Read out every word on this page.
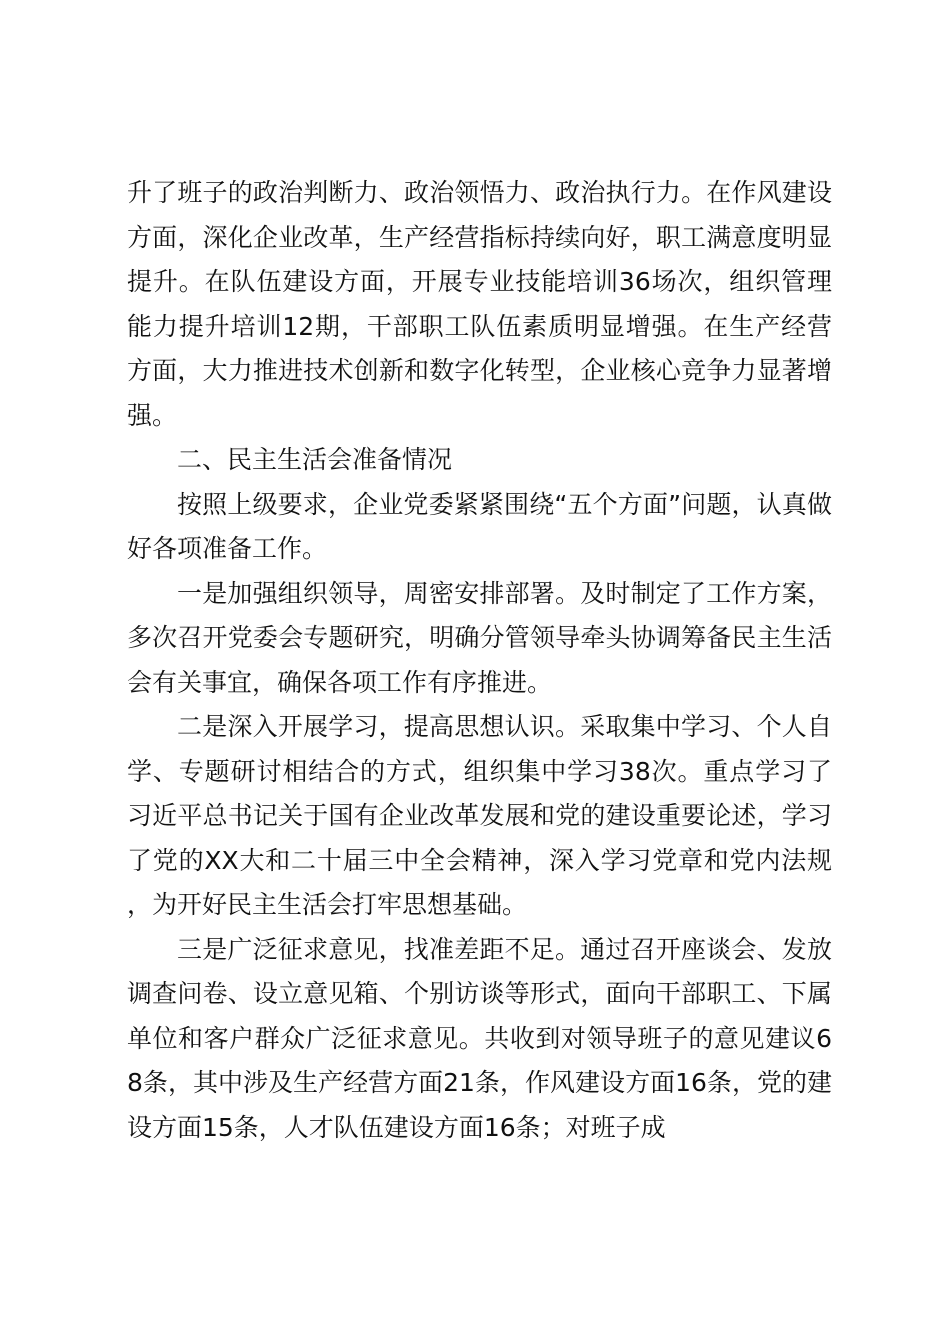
升了班子的政治判断力、政治领悟力、政治执行力。在作风建设方面，深化企业改革，生产经营指标持续向好，职工满意度明显提升。在队伍建设方面，开展专业技能培训36场次，组织管理能力提升培训12期，干部职工队伍素质明显增强。在生产经营方面，大力推进技术创新和数字化转型，企业核心竞争力显著增强。

二、民主生活会准备情况

按照上级要求，企业党委紧紧围绕“五个方面”问题，认真做好各项准备工作。

一是加强组织领导，周密安排部署。及时制定了工作方案，多次召开党委会专题研究，明确分管领导牵头协调筹备民主生活会有关事宜，确保各项工作有序推进。

二是深入开展学习，提高思想认识。采取集中学习、个人自学、专题研讨相结合的方式，组织集中学习38次。重点学习了习近平总书记关于国有企业改革发展和党的建设重要论述，学习了党的XX大和二十届三中全会精神，深入学习党章和党内法规，为开好民主生活会打牢思想基础。

三是广泛征求意见，找准差距不足。通过召开座谈会、发放调查问卷、设立意见箱、个别访谈等形式，面向干部职工、下属单位和客户群众广泛征求意见。共收到对领导班子的意见建议68条，其中涉及生产经营方面21条，作风建设方面16条，党的建设方面15条，人才队伍建设方面16条；对班子成
